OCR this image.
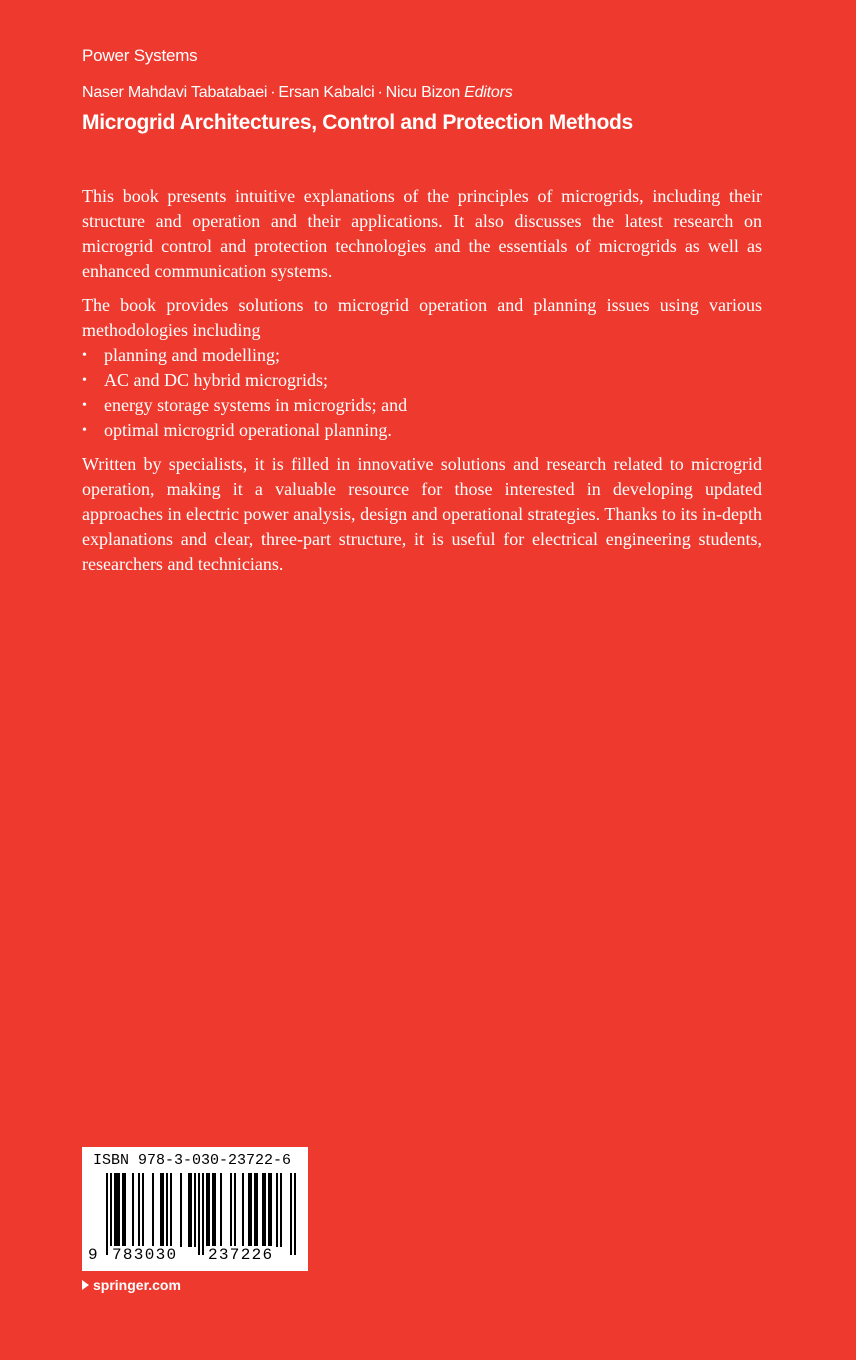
Power Systems
Naser Mahdavi Tabatabaei · Ersan Kabalci · Nicu Bizon Editors
Microgrid Architectures, Control and Protection Methods

This book presents intuitive explanations of the principles of microgrids, including their structure and operation and their applications. It also discusses the latest research on microgrid control and protection technologies and the essentials of microgrids as well as enhanced communication systems.

The book provides solutions to microgrid operation and planning issues using various methodologies including

• planning and modelling;
• AC and DC hybrid microgrids;
• energy storage systems in microgrids; and
• optimal microgrid operational planning.

Written by specialists, it is filled in innovative solutions and research related to microgrid operation, making it a valuable resource for those interested in developing updated approaches in electric power analysis, design and operational strategies. Thanks to its in-depth explanations and clear, three-part structure, it is useful for electrical engineering students, researchers and technicians.

ISBN 978-3-030-23722-6
9 783030 237226
springer.com
